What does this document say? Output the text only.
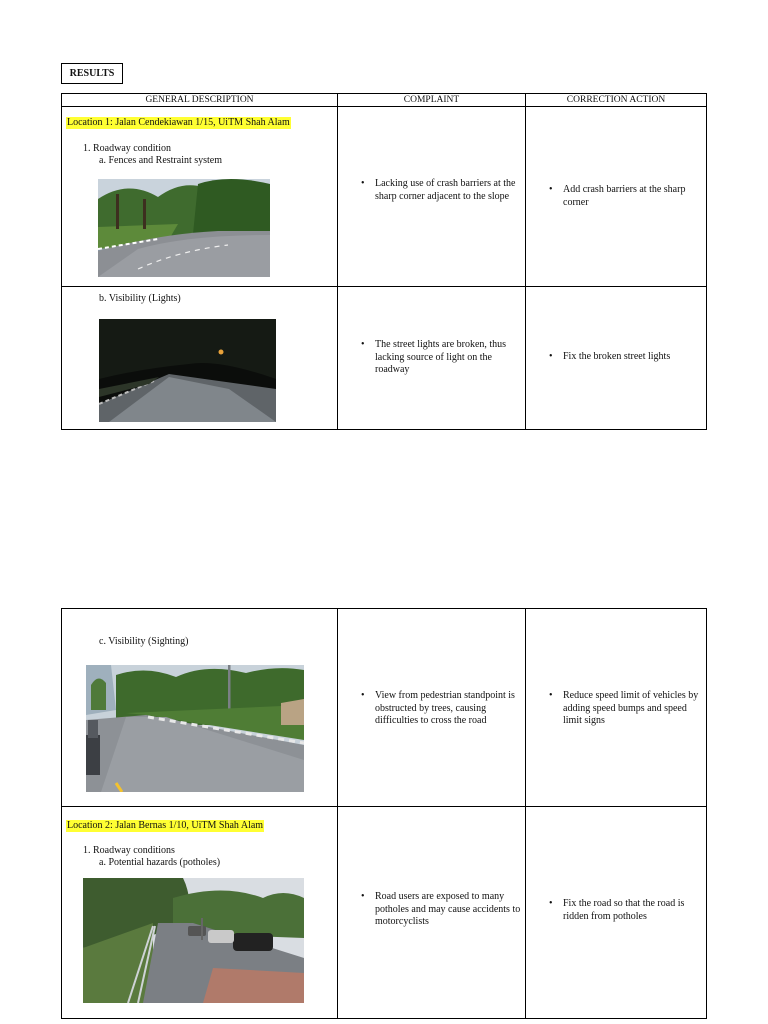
RESULTS
GENERAL DESCRIPTION	COMPLAINT	CORRECTION ACTION

Location 1: Jalan Cendekiawan 1/15, UiTM Shah Alam
1. Roadway condition
a. Fences and Restraint system	• Lacking use of crash barriers at the sharp corner adjacent to the slope	• Add crash barriers at the sharp corner

b. Visibility (Lights)	• The street lights are broken, thus lacking source of light on the roadway	• Fix the broken street lights
c. Visibility (Sighting)	• View from pedestrian standpoint is obstructed by trees, causing difficulties to cross the road	• Reduce speed limit of vehicles by adding speed bumps and speed limit signs

Location 2: Jalan Bernas 1/10, UiTM Shah Alam
1. Roadway conditions
a. Potential hazards (potholes)	• Road users are exposed to many potholes and may cause accidents to motorcyclists	• Fix the road so that the road is ridden from potholes
